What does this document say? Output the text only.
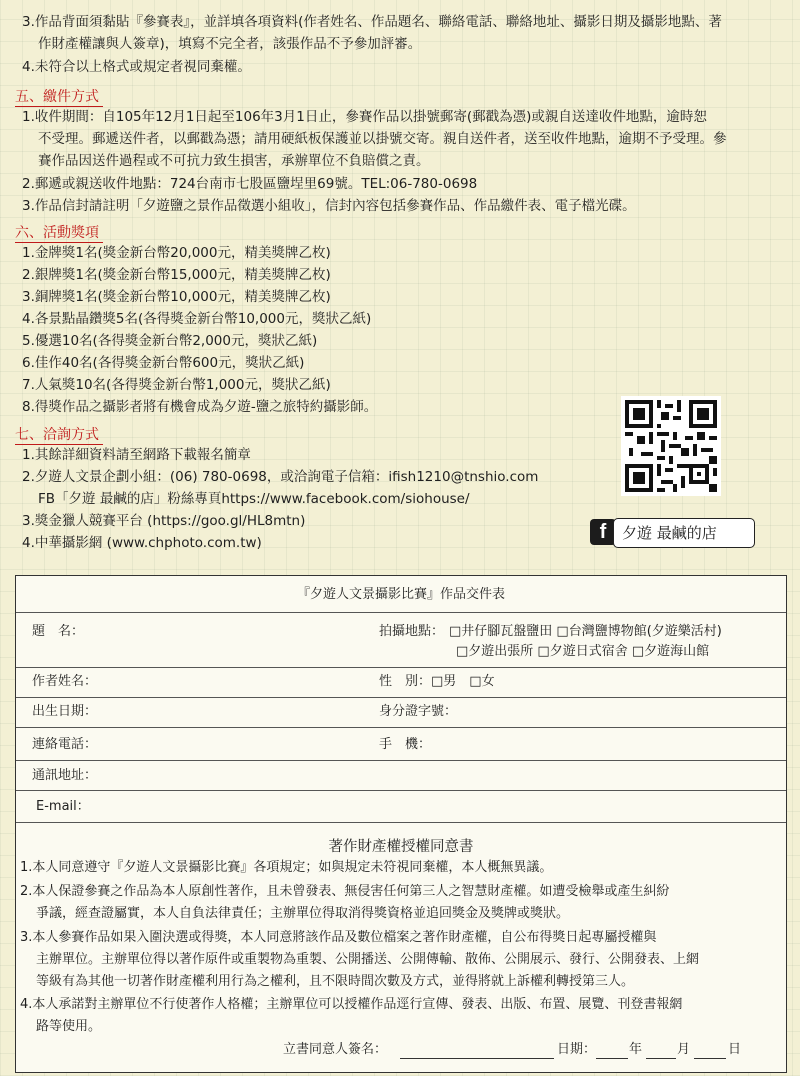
3.作品背面須黏貼『參賽表』，並詳填各項資料(作者姓名、作品題名、聯絡電話、聯絡地址、攝影日期及攝影地點、著
作財產權讓與人簽章)，填寫不完全者，該張作品不予參加評審。
4.未符合以上格式或規定者視同棄權。
五、繳件方式
1.收件期間：自105年12月1日起至106年3月1日止，參賽作品以掛號郵寄(郵戳為憑)或親自送達收件地點，逾時恕
不受理。郵遞送件者，以郵戳為憑；請用硬紙板保護並以掛號交寄。親自送件者，送至收件地點，逾期不予受理。參
賽作品因送件過程或不可抗力致生損害，承辦單位不負賠償之責。
2.郵遞或親送收件地點：724台南市七股區鹽埕里69號。TEL:06-780-0698
3.作品信封請註明「夕遊鹽之景作品徵選小組收」，信封內容包括參賽作品、作品繳件表、電子檔光碟。
六、活動獎項
1.金牌獎1名(獎金新台幣20,000元，精美獎牌乙枚)
2.銀牌獎1名(獎金新台幣15,000元，精美獎牌乙枚)
3.銅牌獎1名(獎金新台幣10,000元，精美獎牌乙枚)
4.各景點晶鑽獎5名(各得獎金新台幣10,000元，獎狀乙紙)
5.優選10名(各得獎金新台幣2,000元，獎狀乙紙)
6.佳作40名(各得獎金新台幣600元，獎狀乙紙)
7.人氣獎10名(各得獎金新台幣1,000元，獎狀乙紙)
8.得獎作品之攝影者將有機會成為夕遊-鹽之旅特約攝影師。
七、洽詢方式
1.其餘詳細資料請至網路下載報名簡章
2.夕遊人文景企劃小組：(06) 780-0698，或洽詢電子信箱：ifish1210@tnshio.com
FB「夕遊 最鹹的店」粉絲專頁https://www.facebook.com/siohouse/
3.獎金獵人競賽平台 (https://goo.gl/HL8mtn)
4.中華攝影網 (www.chphoto.com.tw)	f	夕遊 最鹹的店
『夕遊人文景攝影比賽』作品交件表
題　名：	拍攝地點： □井仔腳瓦盤鹽田 □台灣鹽博物館(夕遊樂活村)
□夕遊出張所 □夕遊日式宿舍 □夕遊海山館
作者姓名：	性　別：□男　□女
出生日期：	身分證字號：
連絡電話：	手　機：
通訊地址：
E-mail：
著作財產權授權同意書
1.本人同意遵守『夕遊人文景攝影比賽』各項規定；如與規定未符視同棄權，本人概無異議。
2.本人保證參賽之作品為本人原創性著作，且未曾發表、無侵害任何第三人之智慧財產權。如遭受檢舉或產生糾紛
爭議，經查證屬實，本人自負法律責任；主辦單位得取消得獎資格並追回獎金及獎牌或獎狀。
3.本人參賽作品如果入圍決選或得獎，本人同意將該作品及數位檔案之著作財產權，自公布得獎日起專屬授權與
主辦單位。主辦單位得以著作原件或重製物為重製、公開播送、公開傳輸、散佈、公開展示、發行、公開發表、上網
等級有為其他一切著作財產權利用行為之權利，且不限時間次數及方式，並得將就上訴權利轉授第三人。
4.本人承諾對主辦單位不行使著作人格權；主辦單位可以授權作品逕行宣傳、發表、出版、布置、展覽、刊登書報網
路等使用。
立書同意人簽名：	日期：	年	月	日
